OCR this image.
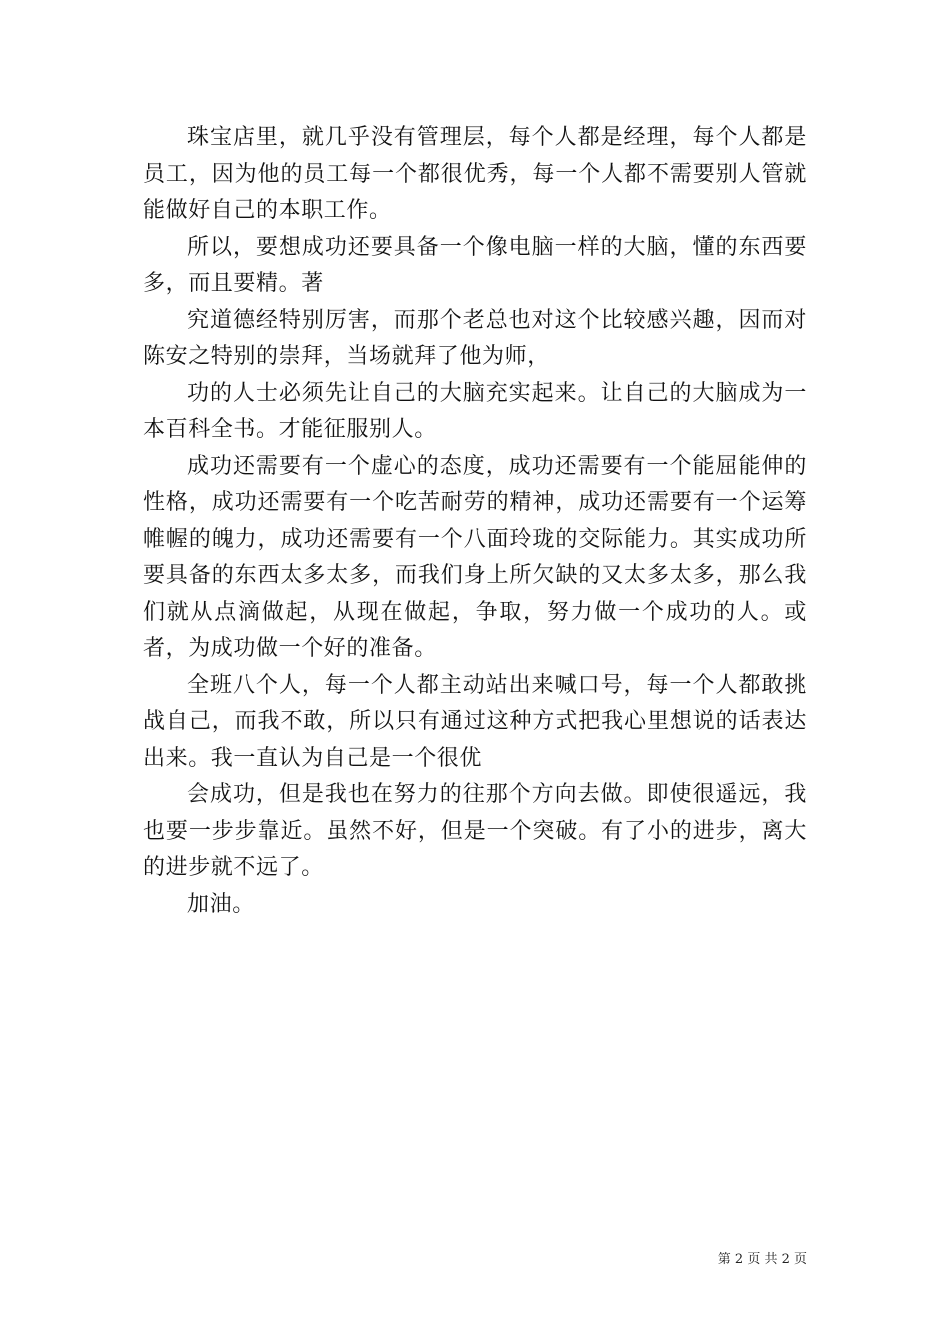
珠宝店里，就几乎没有管理层，每个人都是经理，每个人都是员工，因为他的员工每一个都很优秀，每一个人都不需要别人管就能做好自己的本职工作。

所以，要想成功还要具备一个像电脑一样的大脑，懂的东西要多，而且要精。著

究道德经特别厉害，而那个老总也对这个比较感兴趣，因而对陈安之特别的崇拜，当场就拜了他为师，

功的人士必须先让自己的大脑充实起来。让自己的大脑成为一本百科全书。才能征服别人。

成功还需要有一个虚心的态度，成功还需要有一个能屈能伸的性格，成功还需要有一个吃苦耐劳的精神，成功还需要有一个运筹帷幄的魄力，成功还需要有一个八面玲珑的交际能力。其实成功所要具备的东西太多太多，而我们身上所欠缺的又太多太多，那么我们就从点滴做起，从现在做起，争取，努力做一个成功的人。或者，为成功做一个好的准备。

全班八个人，每一个人都主动站出来喊口号，每一个人都敢挑战自己，而我不敢，所以只有通过这种方式把我心里想说的话表达出来。我一直认为自己是一个很优

会成功，但是我也在努力的往那个方向去做。即使很遥远，我也要一步步靠近。虽然不好，但是一个突破。有了小的进步，离大的进步就不远了。

加油。

第 2 页 共 2 页
